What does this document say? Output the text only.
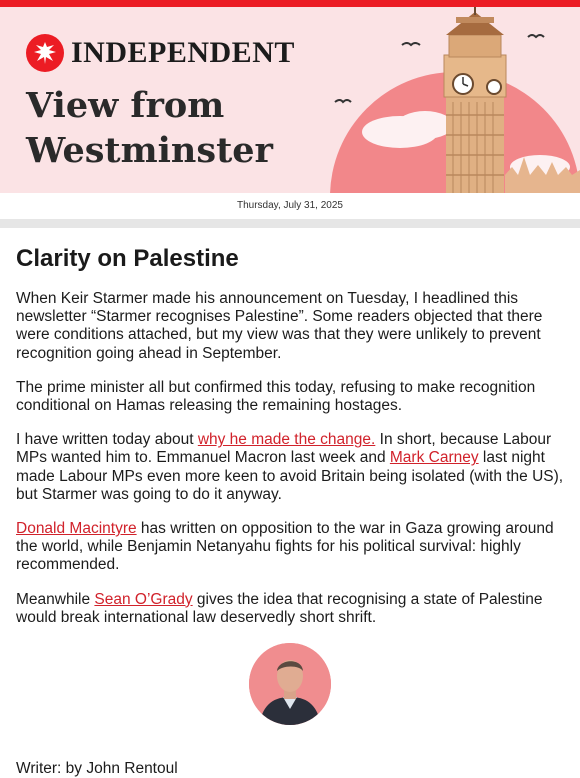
INDEPENDENT
View from
Westminster
Thursday, July 31, 2025
Clarity on Palestine

When Keir Starmer made his announcement on Tuesday, I headlined this newsletter “Starmer recognises Palestine”. Some readers objected that there were conditions attached, but my view was that they were unlikely to prevent recognition going ahead in September.

The prime minister all but confirmed this today, refusing to make recognition conditional on Hamas releasing the remaining hostages.

I have written today about why he made the change. In short, because Labour MPs wanted him to. Emmanuel Macron last week and Mark Carney last night made Labour MPs even more keen to avoid Britain being isolated (with the US), but Starmer was going to do it anyway.

Donald Macintyre has written on opposition to the war in Gaza growing around the world, while Benjamin Netanyahu fights for his political survival: highly recommended.

Meanwhile Sean O’Grady gives the idea that recognising a state of Palestine would break international law deservedly short shrift.

Writer: by John Rentoul
